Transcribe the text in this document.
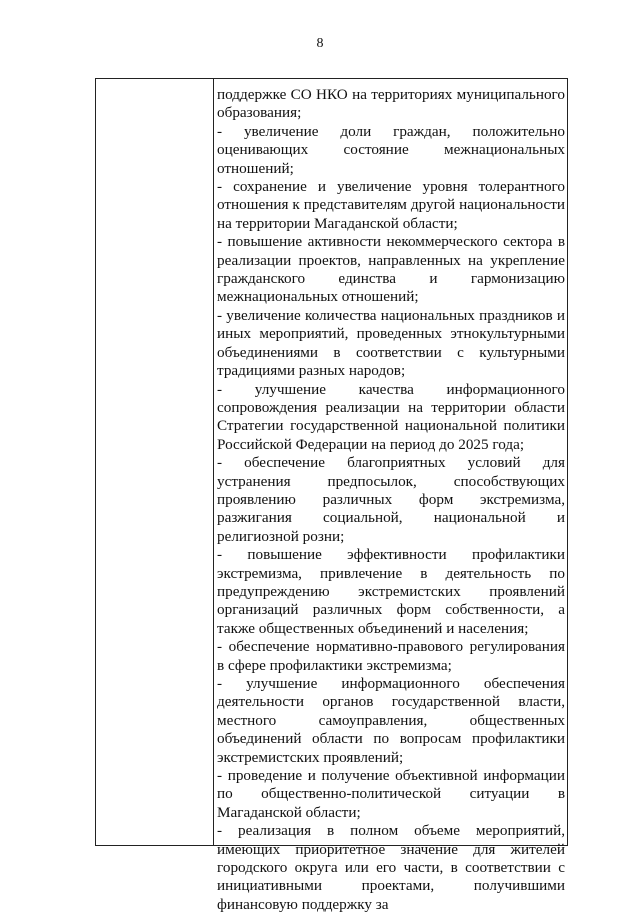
8

поддержке СО НКО на территориях муниципального образования;

- увеличение доли граждан, положительно оценивающих состояние межнациональных отношений;

- сохранение и увеличение уровня толерантного отношения к представителям другой национальности на территории Магаданской области;

- повышение активности некоммерческого сектора в реализации проектов, направленных на укрепление гражданского единства и гармонизацию межнациональных отношений;

- увеличение количества национальных праздников и иных мероприятий, проведенных этнокультурными объединениями в соответствии с культурными традициями разных народов;

- улучшение качества информационного сопровождения реализации на территории области Стратегии государственной национальной политики Российской Федерации на период до 2025 года;

- обеспечение благоприятных условий для устранения предпосылок, способствующих проявлению различных форм экстремизма, разжигания социальной, национальной и религиозной розни;

- повышение эффективности профилактики экстремизма, привлечение в деятельность по предупреждению экстремистских проявлений организаций различных форм собственности, а также общественных объединений и населения;

- обеспечение нормативно-правового регулирования в сфере профилактики экстремизма;

- улучшение информационного обеспечения деятельности органов государственной власти, местного самоуправления, общественных объединений области по вопросам профилактики экстремистских проявлений;

- проведение и получение объективной информации по общественно-политической ситуации в Магаданской области;

- реализация в полном объеме мероприятий, имеющих приоритетное значение для жителей городского округа или его части, в соответствии с инициативными проектами, получившими финансовую поддержку за
